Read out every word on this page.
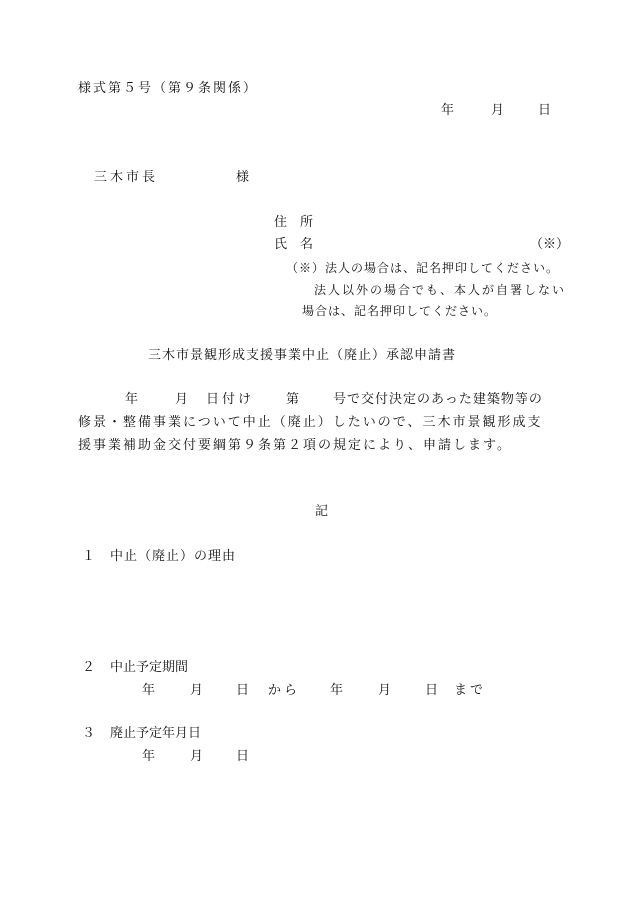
様式第５号（第９条関係）
年	月	日
三木市長	様
住　所
氏　名	（※）
（※）法人の場合は、記名押印してください。
法人以外の場合でも、本人が自署しない
場合は、記名押印してください。
三木市景観形成支援事業中止（廃止）承認申請書
年	月 日付け 第	号で交付決定のあった建築物等の
修景・整備事業について中止（廃止）したいので、三木市景観形成支
援事業補助金交付要綱第９条第２項の規定により、申請します。
記
１ 中止（廃止）の理由
２ 中止予定期間
年	月	日 から 年	月	日 まで
３ 廃止予定年月日
年	月	日
